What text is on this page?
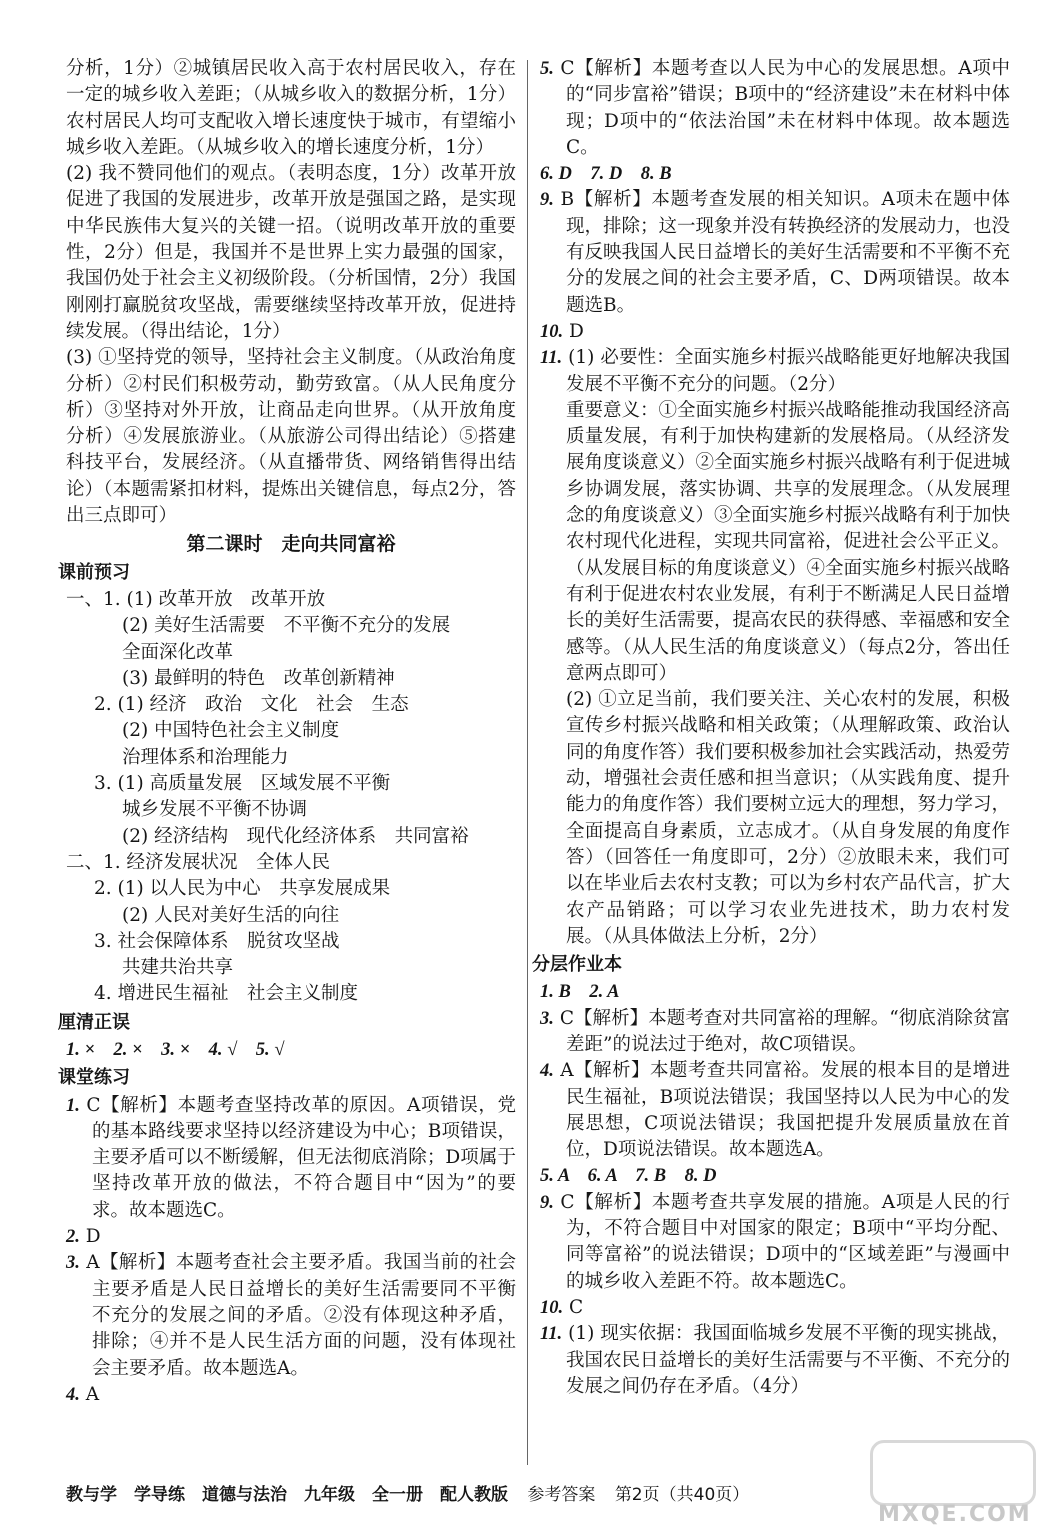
分析，1分）②城镇居民收入高于农村居民收入，存在一定的城乡收入差距；（从城乡收入的数据分析，1分）农村居民人均可支配收入增长速度快于城市，有望缩小城乡收入差距。（从城乡收入的增长速度分析，1分）

(2) 我不赞同他们的观点。（表明态度，1分）改革开放促进了我国的发展进步，改革开放是强国之路，是实现中华民族伟大复兴的关键一招。（说明改革开放的重要性，2分）但是，我国并不是世界上实力最强的国家，我国仍处于社会主义初级阶段。（分析国情，2分）我国刚刚打赢脱贫攻坚战，需要继续坚持改革开放，促进持续发展。（得出结论，1分）

(3) ①坚持党的领导，坚持社会主义制度。（从政治角度分析）②村民们积极劳动，勤劳致富。（从人民角度分析）③坚持对外开放，让商品走向世界。（从开放角度分析）④发展旅游业。（从旅游公司得出结论）⑤搭建科技平台，发展经济。（从直播带货、网络销售得出结论）（本题需紧扣材料，提炼出关键信息，每点2分，答出三点即可）

第二课时　走向共同富裕
课前预习

一、1. (1) 改革开放　改革开放

(2) 美好生活需要　不平衡不充分的发展

全面深化改革

(3) 最鲜明的特色　改革创新精神

2. (1) 经济　政治　文化　社会　生态

(2) 中国特色社会主义制度

治理体系和治理能力

3. (1) 高质量发展　区域发展不平衡

城乡发展不平衡不协调

(2) 经济结构　现代化经济体系　共同富裕

二、1. 经济发展状况　全体人民

2. (1) 以人民为中心　共享发展成果

(2) 人民对美好生活的向往

3. 社会保障体系　脱贫攻坚战

共建共治共享

4. 增进民生福祉　社会主义制度

厘清正误

1. ×　2. ×　3. ×　4. √　5. √

课堂练习

1. C【解析】本题考查坚持改革的原因。A项错误，党的基本路线要求坚持以经济建设为中心；B项错误，主要矛盾可以不断缓解，但无法彻底消除；D项属于坚持改革开放的做法，不符合题目中“因为”的要求。故本题选C。

2. D

3. A【解析】本题考查社会主要矛盾。我国当前的社会主要矛盾是人民日益增长的美好生活需要同不平衡不充分的发展之间的矛盾。②没有体现这种矛盾，排除；④并不是人民生活方面的问题，没有体现社会主要矛盾。故本题选A。

4. A

5. C【解析】本题考查以人民为中心的发展思想。A项中的“同步富裕”错误；B项中的“经济建设”未在材料中体现；D项中的“依法治国”未在材料中体现。故本题选C。

6. D　7. D　8. B

9. B【解析】本题考查发展的相关知识。A项未在题中体现，排除；这一现象并没有转换经济的发展动力，也没有反映我国人民日益增长的美好生活需要和不平衡不充分的发展之间的社会主要矛盾，C、D两项错误。故本题选B。

10. D

11. (1) 必要性：全面实施乡村振兴战略能更好地解决我国发展不平衡不充分的问题。（2分）

重要意义：①全面实施乡村振兴战略能推动我国经济高质量发展，有利于加快构建新的发展格局。（从经济发展角度谈意义）②全面实施乡村振兴战略有利于促进城乡协调发展，落实协调、共享的发展理念。（从发展理念的角度谈意义）③全面实施乡村振兴战略有利于加快农村现代化进程，实现共同富裕，促进社会公平正义。（从发展目标的角度谈意义）④全面实施乡村振兴战略有利于促进农村农业发展，有利于不断满足人民日益增长的美好生活需要，提高农民的获得感、幸福感和安全感等。（从人民生活的角度谈意义）（每点2分，答出任意两点即可）

(2) ①立足当前，我们要关注、关心农村的发展，积极宣传乡村振兴战略和相关政策；（从理解政策、政治认同的角度作答）我们要积极参加社会实践活动，热爱劳动，增强社会责任感和担当意识；（从实践角度、提升能力的角度作答）我们要树立远大的理想，努力学习，全面提高自身素质，立志成才。（从自身发展的角度作答）（回答任一角度即可，2分）②放眼未来，我们可以在毕业后去农村支教；可以为乡村农产品代言，扩大农产品销路；可以学习农业先进技术，助力农村发展。（从具体做法上分析，2分）

分层作业本

1. B　2. A

3. C【解析】本题考查对共同富裕的理解。“彻底消除贫富差距”的说法过于绝对，故C项错误。

4. A【解析】本题考查共同富裕。发展的根本目的是增进民生福祉，B项说法错误；我国坚持以人民为中心的发展思想，C项说法错误；我国把提升发展质量放在首位，D项说法错误。故本题选A。

5. A　6. A　7. B　8. D

9. C【解析】本题考查共享发展的措施。A项是人民的行为，不符合题目中对国家的限定；B项中“平均分配、同等富裕”的说法错误；D项中的“区域差距”与漫画中的城乡收入差距不符。故本题选C。

10. C

11. (1) 现实依据：我国面临城乡发展不平衡的现实挑战，我国农民日益增长的美好生活需要与不平衡、不充分的发展之间仍存在矛盾。（4分）

教与学　学导练　道德与法治　九年级　全一册　配人教版 参考答案 第2页（共40页）
MXQE.COM
